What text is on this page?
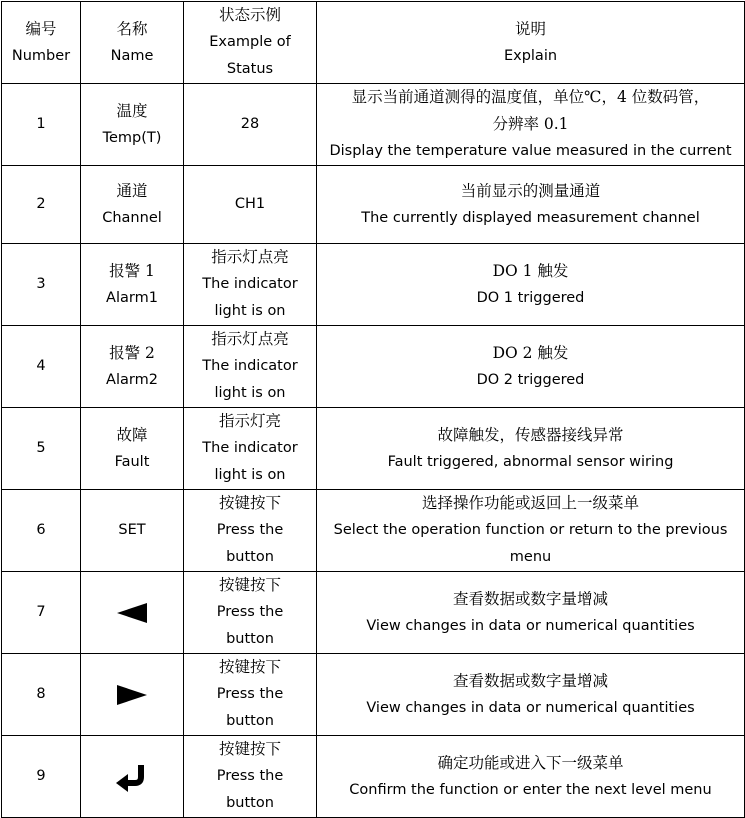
编号
Number	名称
Name	状态示例
Example of
Status	说明
Explain

1	温度
Temp(T)	28	显示当前通道测得的温度值，单位℃，4 位数码管，
分辨率 0.1
Display the temperature value measured in the current

2	通道
Channel	CH1	当前显示的测量通道
The currently displayed measurement channel

3	报警 1
Alarm1	指示灯点亮
The indicator
light is on	DO 1 触发
DO 1 triggered

4	报警 2
Alarm2	指示灯点亮
The indicator
light is on	DO 2 触发
DO 2 triggered

5	故障
Fault	指示灯亮
The indicator
light is on	故障触发，传感器接线异常
Fault triggered, abnormal sensor wiring

6	SET	按键按下
Press the
button	选择操作功能或返回上一级菜单
Select the operation function or return to the previous
menu

7		按键按下
Press the
button	查看数据或数字量增减
View changes in data or numerical quantities

8		按键按下
Press the
button	查看数据或数字量增减
View changes in data or numerical quantities

9		按键按下
Press the
button	确定功能或进入下一级菜单
Confirm the function or enter the next level menu
